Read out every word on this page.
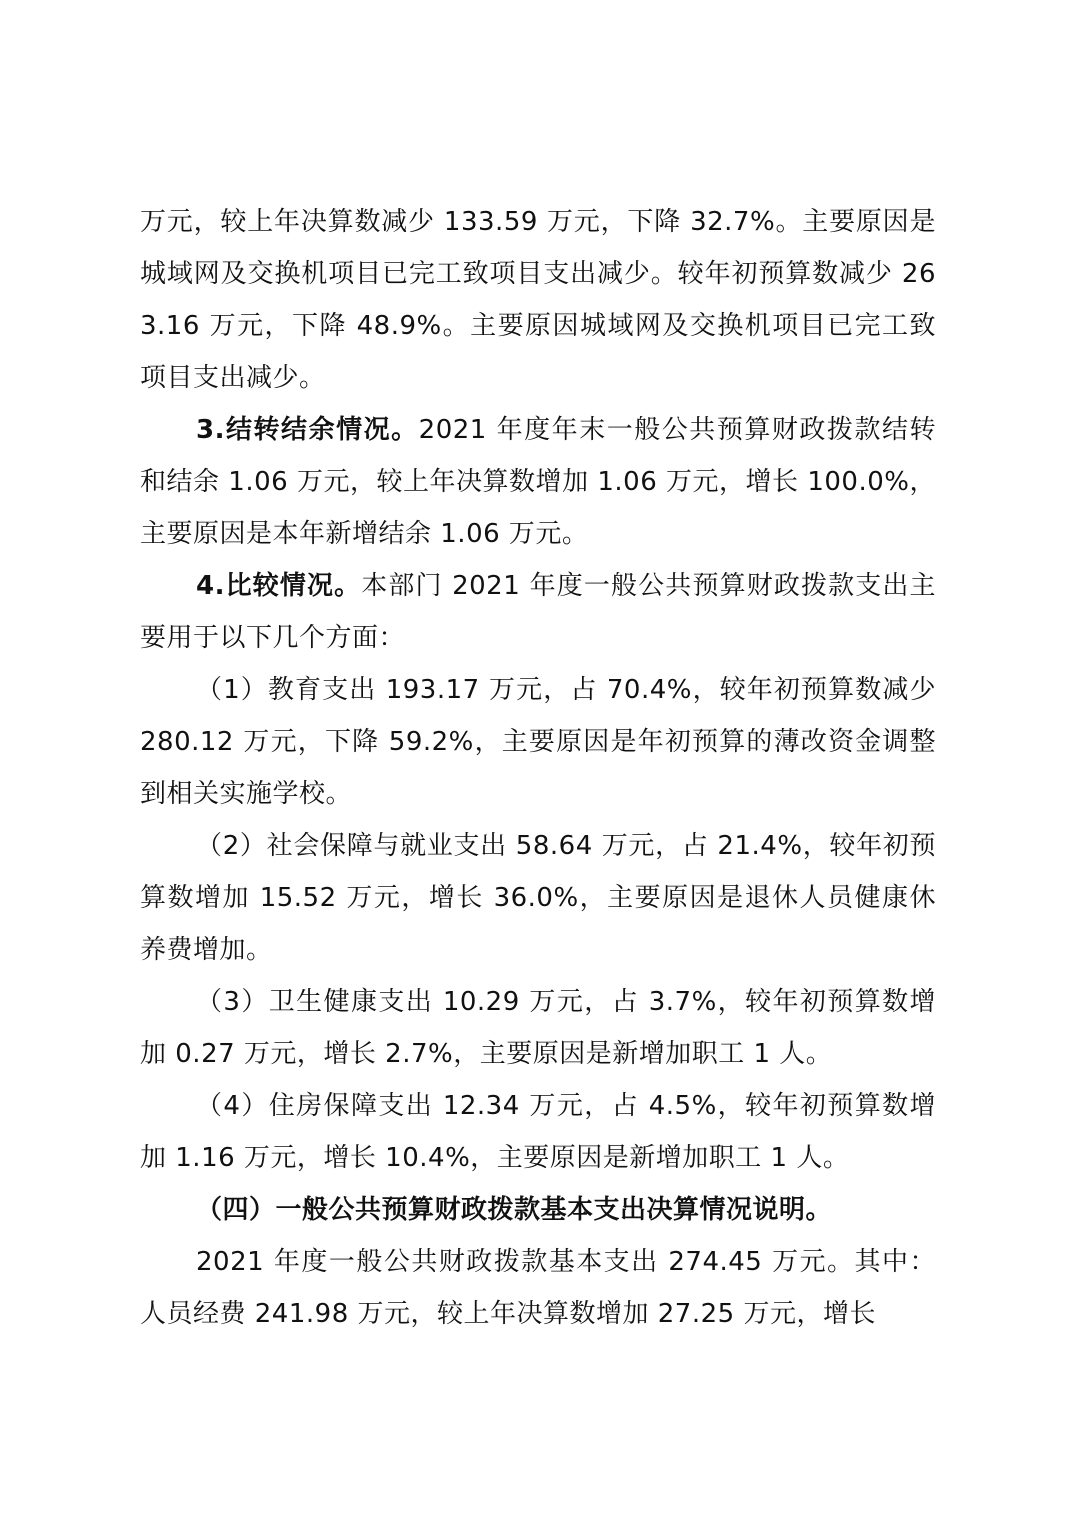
万元，较上年决算数减少 133.59 万元，下降 32.7%。主要原因是城域网及交换机项目已完工致项目支出减少。较年初预算数减少 263.16 万元，下降 48.9%。主要原因城域网及交换机项目已完工致项目支出减少。

3.结转结余情况。2021 年度年末一般公共预算财政拨款结转和结余 1.06 万元，较上年决算数增加 1.06 万元，增长 100.0%，主要原因是本年新增结余 1.06 万元。

4.比较情况。本部门 2021 年度一般公共预算财政拨款支出主要用于以下几个方面：

（1）教育支出 193.17 万元，占 70.4%，较年初预算数减少 280.12 万元，下降 59.2%，主要原因是年初预算的薄改资金调整到相关实施学校。

（2）社会保障与就业支出 58.64 万元，占 21.4%，较年初预算数增加 15.52 万元，增长 36.0%，主要原因是退休人员健康休养费增加。

（3）卫生健康支出 10.29 万元，占 3.7%，较年初预算数增加 0.27 万元，增长 2.7%，主要原因是新增加职工 1 人。

（4）住房保障支出 12.34 万元，占 4.5%，较年初预算数增加 1.16 万元，增长 10.4%，主要原因是新增加职工 1 人。

（四）一般公共预算财政拨款基本支出决算情况说明。

2021 年度一般公共财政拨款基本支出 274.45 万元。其中：人员经费 241.98 万元，较上年决算数增加 27.25 万元，增长
